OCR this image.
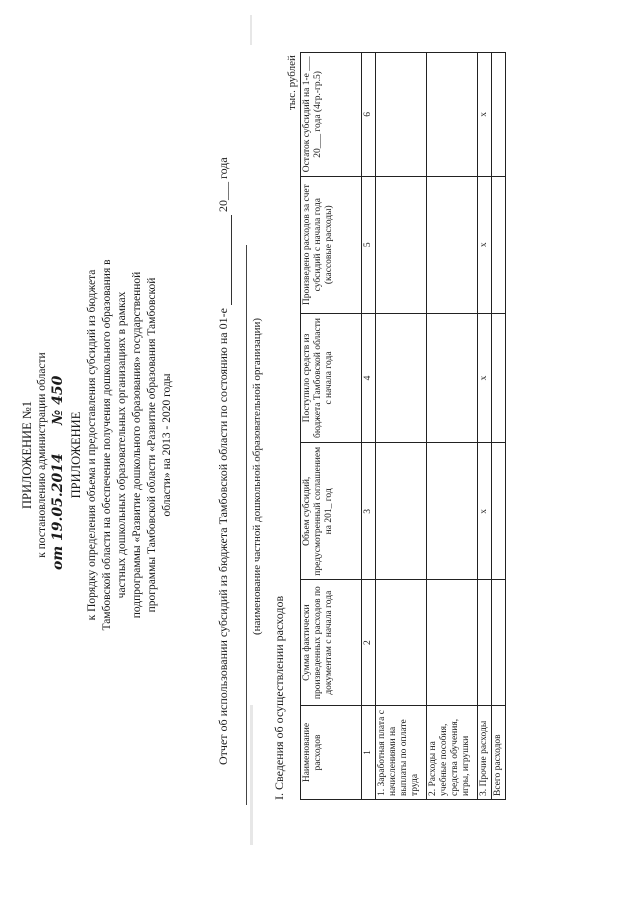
ПРИЛОЖЕНИЕ №1 к постановлению администрации области от 19.05.2014
№ 450
ПРИЛОЖЕНИЕ к Порядку определения объема и предоставления субсидий из бюджета Тамбовской области на обеспечение получения дошкольного образования в частных дошкольных образовательных организациях в рамках подпрограммы «Развитие дошкольного образования» государственной программы Тамбовской области «Развитие образования Тамбовской области» на 2013 - 2020 годы	Отчет об использовании субсидий из бюджета Тамбовской области по состоянию на 01-е   20___ года
(наименование частной дошкольной образовательной организации)
I. Сведения об осуществлении расходов
тыс. рублей
Наименование расходов	Сумма фактически произведенных расходов по документам с начала года	Объем субсидий, предусмотренный соглашением на 201_ год	Поступило средств из бюджета Тамбовской области с начала года	Произведено расходов за счет субсидий с начала года (кассовые расходы)	Остаток субсидий на 1-е ___ 20___ года (4гр.-гр.5)
1	2	3	4	5	6
1. Заработная плата с начислениями на выплаты по оплате труда					
2. Расходы на учебные пособия, средства обучения, игры, игрушки					
3. Прочие расходы		х	х	х	х
Всего расходов					
